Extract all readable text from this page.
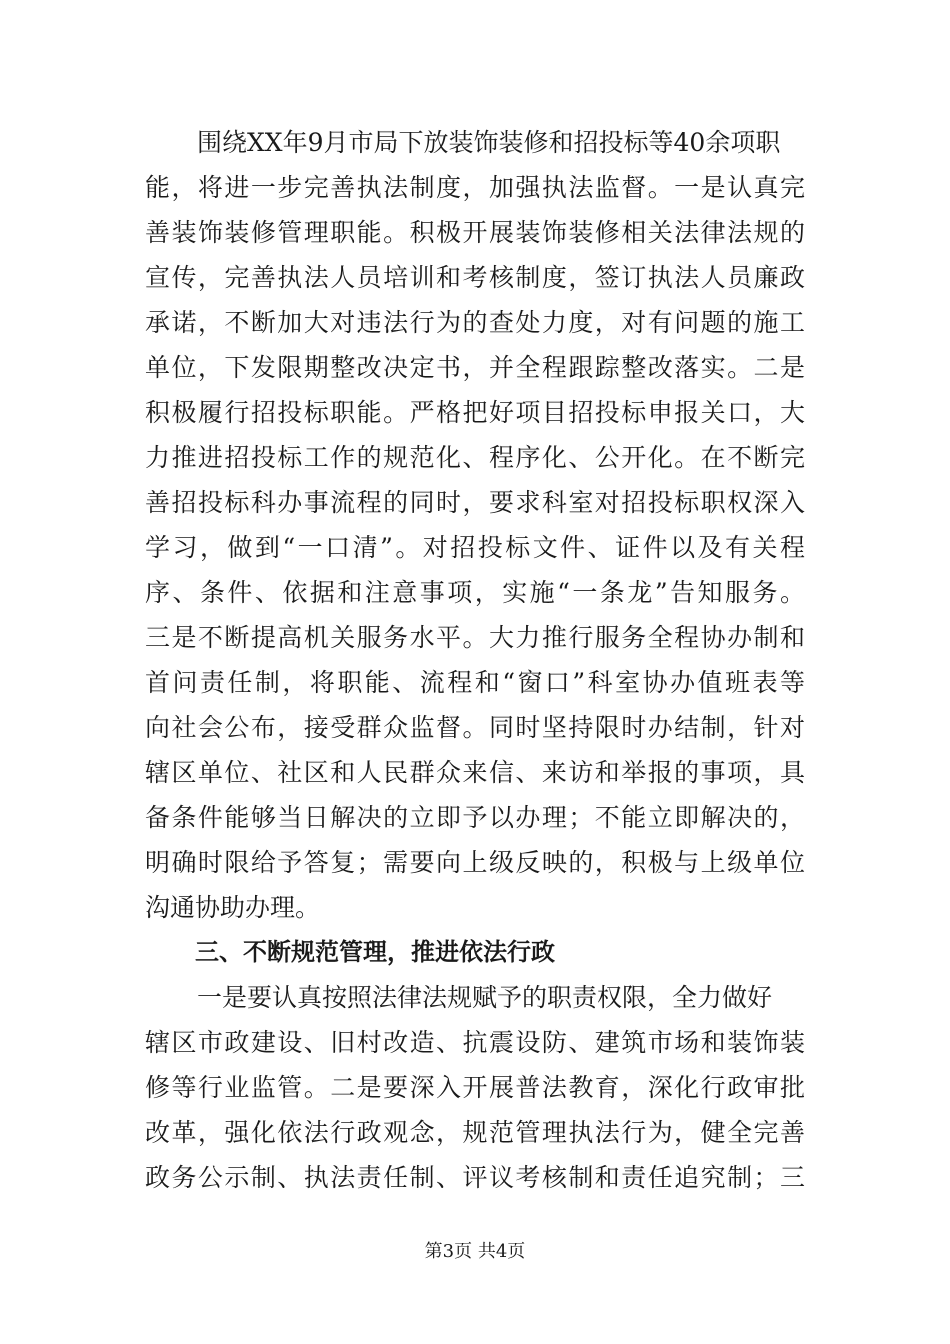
围绕XX年9月市局下放装饰装修和招投标等40余项职
能，将进一步完善执法制度，加强执法监督。一是认真完
善装饰装修管理职能。积极开展装饰装修相关法律法规的
宣传，完善执法人员培训和考核制度，签订执法人员廉政
承诺，不断加大对违法行为的查处力度，对有问题的施工
单位，下发限期整改决定书，并全程跟踪整改落实。二是
积极履行招投标职能。严格把好项目招投标申报关口，大
力推进招投标工作的规范化、程序化、公开化。在不断完
善招投标科办事流程的同时，要求科室对招投标职权深入
学习，做到“一口清”。对招投标文件、证件以及有关程
序、条件、依据和注意事项，实施“一条龙”告知服务。
三是不断提高机关服务水平。大力推行服务全程协办制和
首问责任制，将职能、流程和“窗口”科室协办值班表等
向社会公布，接受群众监督。同时坚持限时办结制，针对
辖区单位、社区和人民群众来信、来访和举报的事项，具
备条件能够当日解决的立即予以办理；不能立即解决的，
明确时限给予答复；需要向上级反映的，积极与上级单位
沟通协助办理。
三、不断规范管理，推进依法行政
一是要认真按照法律法规赋予的职责权限，全力做好
辖区市政建设、旧村改造、抗震设防、建筑市场和装饰装
修等行业监管。二是要深入开展普法教育，深化行政审批
改革，强化依法行政观念，规范管理执法行为，健全完善
政务公示制、执法责任制、评议考核制和责任追究制；三
第3页 共4页
